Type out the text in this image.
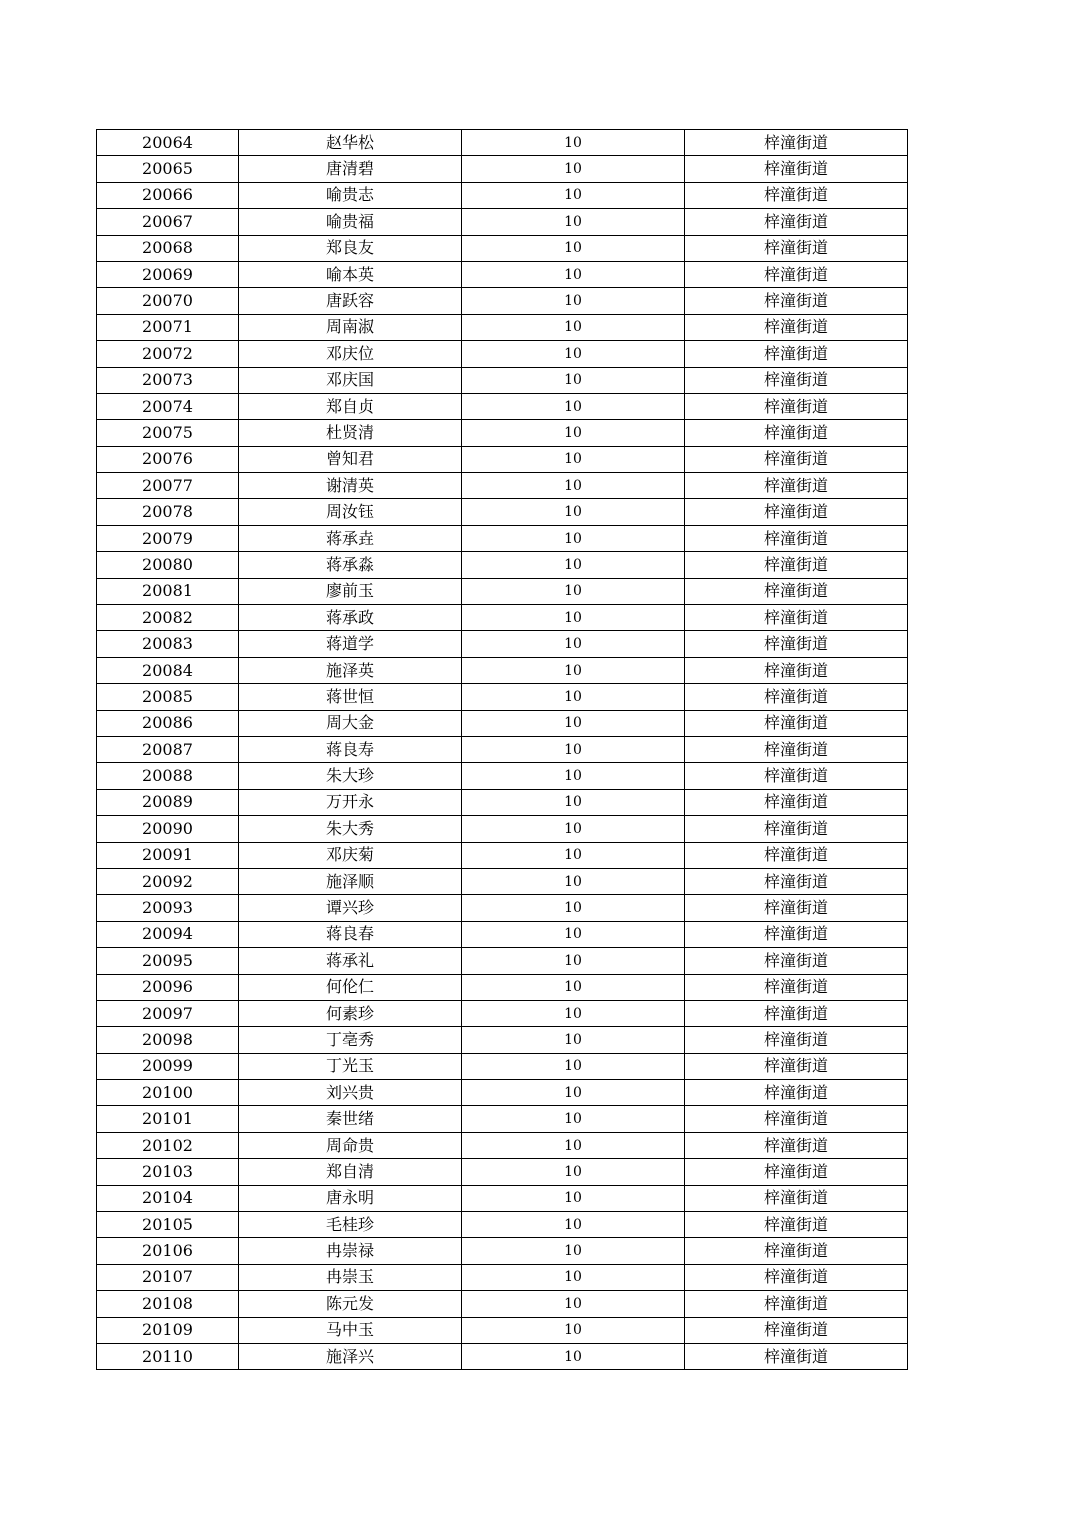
20064	赵华松	10	梓潼街道
20065	唐清碧	10	梓潼街道
20066	喻贵志	10	梓潼街道
20067	喻贵福	10	梓潼街道
20068	郑良友	10	梓潼街道
20069	喻本英	10	梓潼街道
20070	唐跃容	10	梓潼街道
20071	周南淑	10	梓潼街道
20072	邓庆位	10	梓潼街道
20073	邓庆国	10	梓潼街道
20074	郑自贞	10	梓潼街道
20075	杜贤清	10	梓潼街道
20076	曾知君	10	梓潼街道
20077	谢清英	10	梓潼街道
20078	周汝钰	10	梓潼街道
20079	蒋承垚	10	梓潼街道
20080	蒋承淼	10	梓潼街道
20081	廖前玉	10	梓潼街道
20082	蒋承政	10	梓潼街道
20083	蒋道学	10	梓潼街道
20084	施泽英	10	梓潼街道
20085	蒋世恒	10	梓潼街道
20086	周大金	10	梓潼街道
20087	蒋良寿	10	梓潼街道
20088	朱大珍	10	梓潼街道
20089	万开永	10	梓潼街道
20090	朱大秀	10	梓潼街道
20091	邓庆菊	10	梓潼街道
20092	施泽顺	10	梓潼街道
20093	谭兴珍	10	梓潼街道
20094	蒋良春	10	梓潼街道
20095	蒋承礼	10	梓潼街道
20096	何伦仁	10	梓潼街道
20097	何素珍	10	梓潼街道
20098	丁亳秀	10	梓潼街道
20099	丁光玉	10	梓潼街道
20100	刘兴贵	10	梓潼街道
20101	秦世绪	10	梓潼街道
20102	周命贵	10	梓潼街道
20103	郑自清	10	梓潼街道
20104	唐永明	10	梓潼街道
20105	毛桂珍	10	梓潼街道
20106	冉崇禄	10	梓潼街道
20107	冉崇玉	10	梓潼街道
20108	陈元发	10	梓潼街道
20109	马中玉	10	梓潼街道
20110	施泽兴	10	梓潼街道
